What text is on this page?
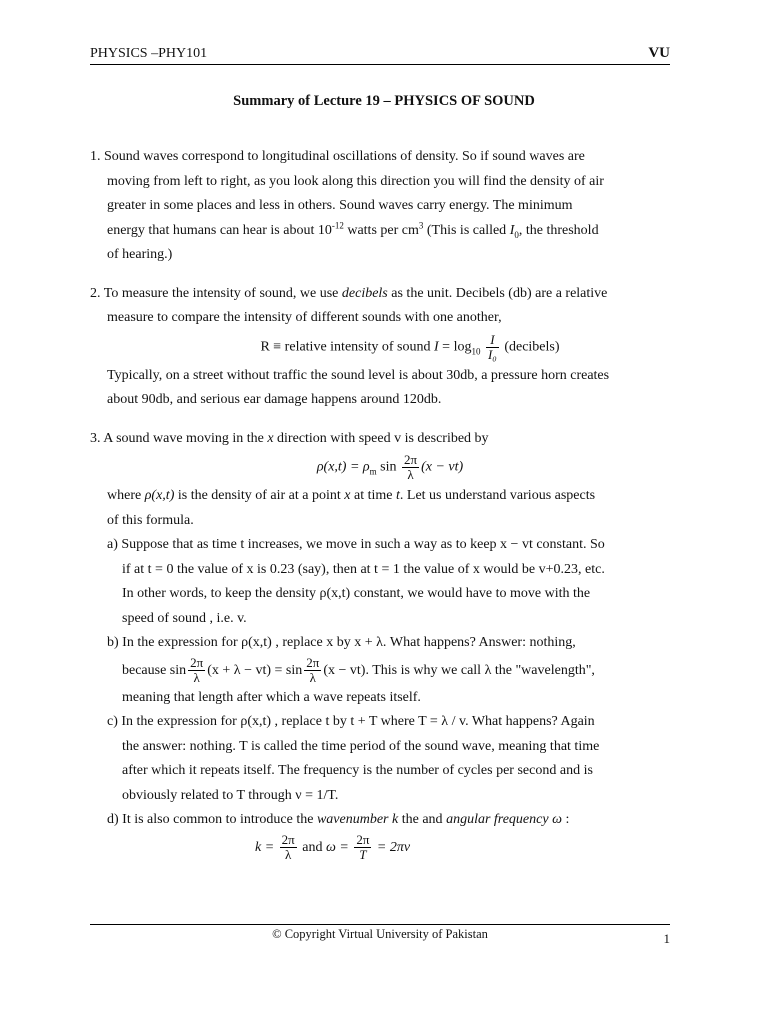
PHYSICS –PHY101	VU
Summary of Lecture 19 – PHYSICS OF SOUND

1. Sound waves correspond to longitudinal oscillations of density. So if sound waves are

moving from left to right, as you look along this direction you will find the density of air

greater in some places and less in others. Sound waves carry energy. The minimum

energy that humans can hear is about $10^{-12}$ watts per $cm^3$ (This is called $I_0$, the threshold

of hearing.)

2. To measure the intensity of sound, we use decibels as the unit. Decibels (db) are a relative

measure to compare the intensity of different sounds with one another,

R ≡ relative intensity of sound $I = \log_{10} \frac{I}{\text{I₀}}$ (decibels)

Typically, on a street without traffic the sound level is about 30db, a pressure horn creates

about 90db, and serious ear damage happens around 120db.

3. A sound wave moving in the x direction with speed v is described by

$\rho(x,t) = \rho_m$ $\sin \frac{2\pi}{\lambda} (x - vt)$

where ρ(x,t) is the density of air at a point x at time t. Let us understand various aspects

of this formula.

a) Suppose that as time t increases, we move in such a way as to keep x − vt constant. So

if at t = 0 the value of x is 0.23 (say), then at t = 1 the value of x would be v+0.23, etc.

In other words, to keep the density ρ(x,t) constant, we would have to move with the

speed of sound , i.e. v.

b) In the expression for ρ(x,t) , replace x by x + λ. What happens? Answer: nothing,

because $\sin \frac{2\pi}{\lambda} (x + \lambda - vt) = \sin \frac{2\pi}{\lambda} (x - vt)$. This is why we call λ the "wavelength",

meaning that length after which a wave repeats itself.

c) In the expression for ρ(x,t) , replace t by t + T where T = λ / v. What happens? Again

the answer: nothing. T is called the time period of the sound wave, meaning that time

after which it repeats itself. The frequency is the number of cycles per second and is

obviously related to T through ν = 1/T.

d) It is also common to introduce the wavenumber k the and angular frequency ω :

$k = \frac{2\pi}{\lambda}$ and $\omega = \frac{2\pi}{T} = 2\pi\nu$
© Copyright Virtual University of Pakistan	1
